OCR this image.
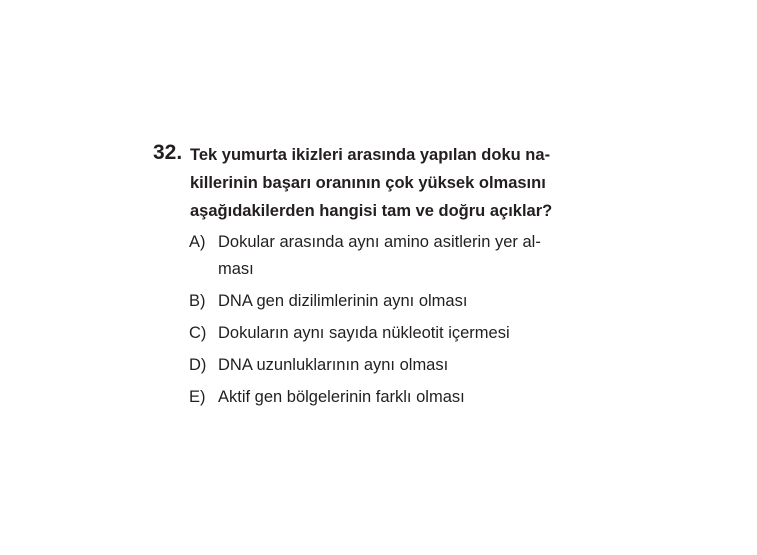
32. Tek yumurta ikizleri arasında yapılan doku na-
killerinin başarı oranının çok yüksek olmasını
aşağıdakilerden hangisi tam ve doğru açıklar?
A) Dokular arasında aynı amino asitlerin yer al-
ması
B) DNA gen dizilimlerinin aynı olması
C) Dokuların aynı sayıda nükleotit içermesi
D) DNA uzunluklarının aynı olması
E) Aktif gen bölgelerinin farklı olması
